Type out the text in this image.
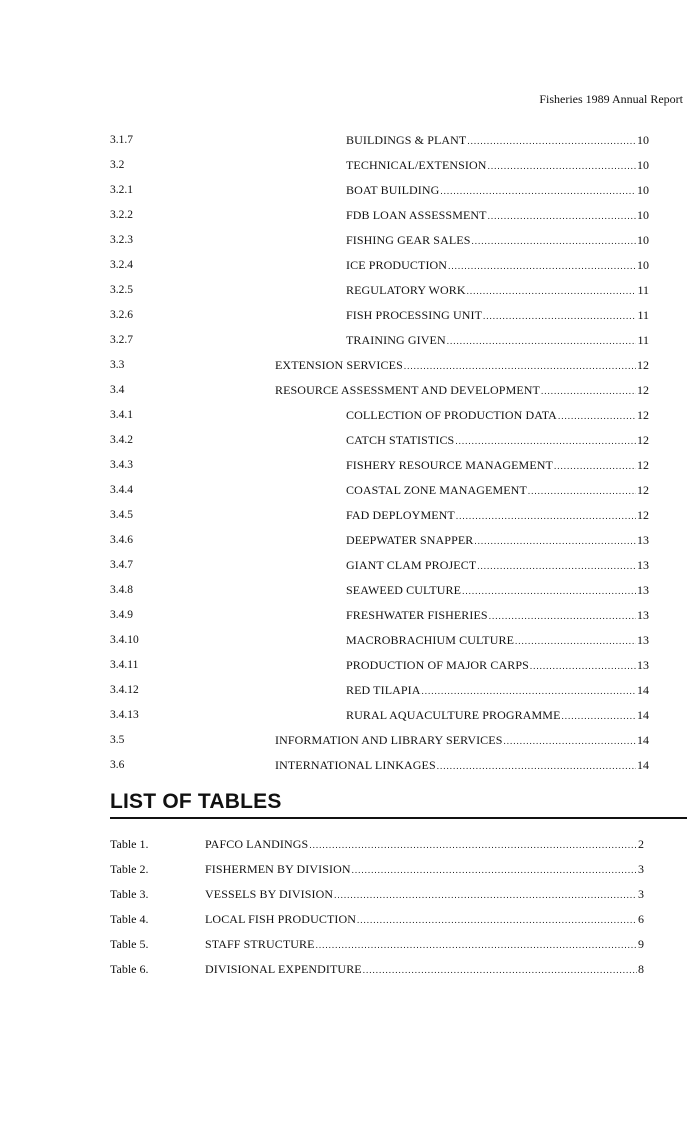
Fisheries 1989 Annual Report
3.1.7	BUILDINGS & PLANT .....	10
3.2	TECHNICAL/EXTENSION .....	10
3.2.1	BOAT BUILDING .....	10
3.2.2	FDB LOAN ASSESSMENT .....	10
3.2.3	FISHING GEAR SALES .....	10
3.2.4	ICE PRODUCTION .....	10
3.2.5	REGULATORY WORK .....	11
3.2.6	FISH PROCESSING UNIT .....	11
3.2.7	TRAINING GIVEN .....	11
3.3	EXTENSION SERVICES .....	12
3.4	RESOURCE ASSESSMENT AND DEVELOPMENT .....	12
3.4.1	COLLECTION OF PRODUCTION DATA .....	12
3.4.2	CATCH STATISTICS .....	12
3.4.3	FISHERY RESOURCE MANAGEMENT .....	12
3.4.4	COASTAL ZONE MANAGEMENT .....	12
3.4.5	FAD DEPLOYMENT .....	12
3.4.6	DEEPWATER SNAPPER .....	13
3.4.7	GIANT CLAM PROJECT .....	13
3.4.8	SEAWEED CULTURE .....	13
3.4.9	FRESHWATER FISHERIES .....	13
3.4.10	MACROBRACHIUM CULTURE .....	13
3.4.11	PRODUCTION OF MAJOR CARPS .....	13
3.4.12	RED TILAPIA .....	14
3.4.13	RURAL AQUACULTURE PROGRAMME .....	14
3.5	INFORMATION AND LIBRARY SERVICES .....	14
3.6	INTERNATIONAL LINKAGES .....	14
LIST OF TABLES
Table 1.	PAFCO LANDINGS .....	2
Table 2.	FISHERMEN BY DIVISION .....	3
Table 3.	VESSELS BY DIVISION .....	3
Table 4.	LOCAL FISH PRODUCTION .....	6
Table 5.	STAFF STRUCTURE .....	9
Table 6.	DIVISIONAL EXPENDITURE .....	8
